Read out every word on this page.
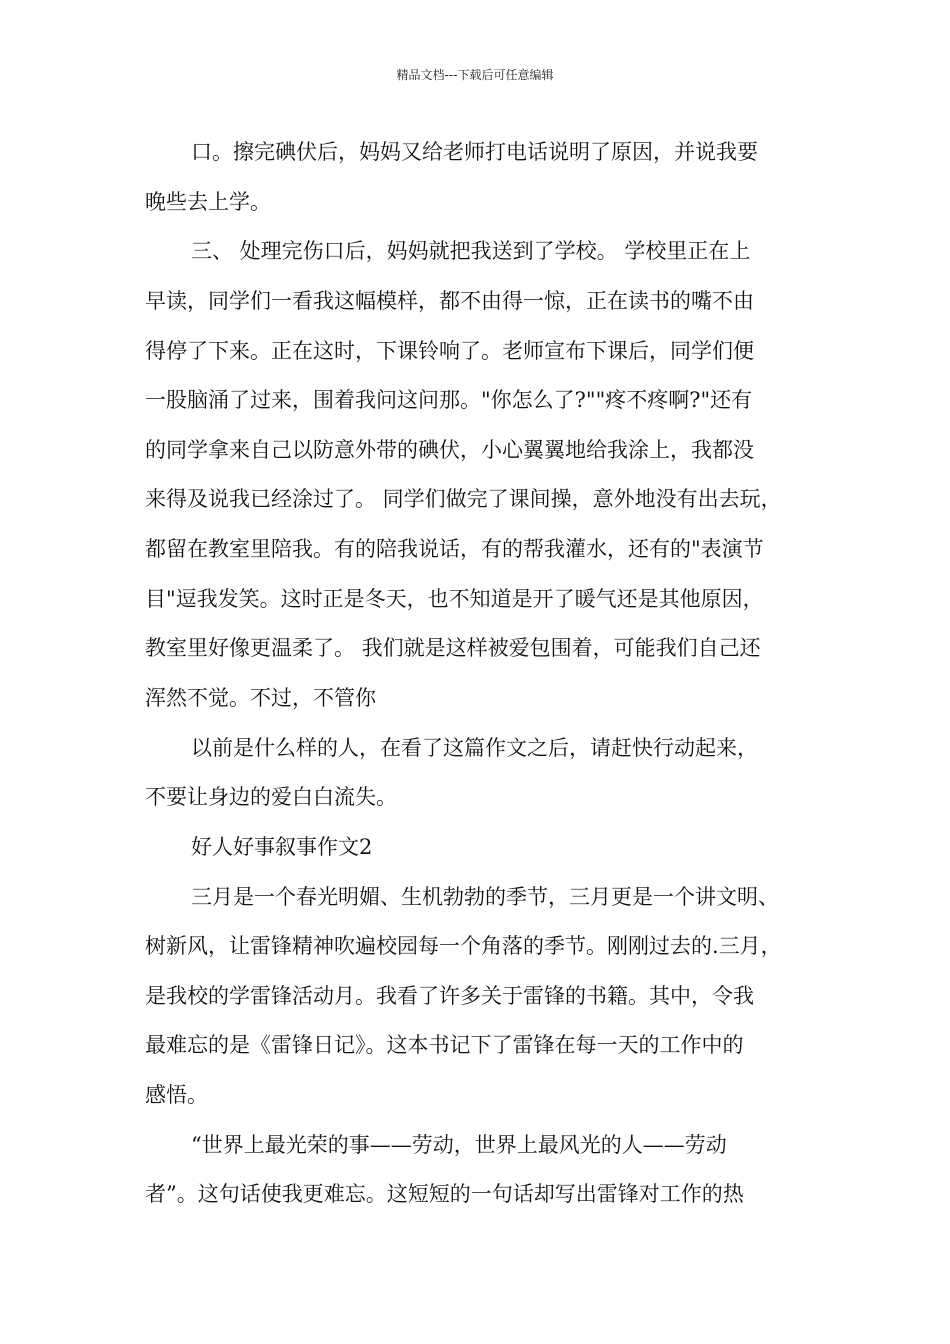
精品文档---下载后可任意编辑
口。擦完碘伏后，妈妈又给老师打电话说明了原因，并说我要
晚些去上学。
三、 处理完伤口后，妈妈就把我送到了学校。 学校里正在上
早读，同学们一看我这幅模样，都不由得一惊，正在读书的嘴不由
得停了下来。正在这时，下课铃响了。老师宣布下课后，同学们便
一股脑涌了过来，围着我问这问那。"你怎么了?""疼不疼啊?"还有
的同学拿来自己以防意外带的碘伏，小心翼翼地给我涂上，我都没
来得及说我已经涂过了。 同学们做完了课间操，意外地没有出去玩，
都留在教室里陪我。有的陪我说话，有的帮我灌水，还有的"表演节
目"逗我发笑。这时正是冬天，也不知道是开了暖气还是其他原因，
教室里好像更温柔了。 我们就是这样被爱包围着，可能我们自己还
浑然不觉。不过，不管你
以前是什么样的人，在看了这篇作文之后，请赶快行动起来，
不要让身边的爱白白流失。
好人好事叙事作文2
三月是一个春光明媚、生机勃勃的季节，三月更是一个讲文明、
树新风，让雷锋精神吹遍校园每一个角落的季节。刚刚过去的.三月，
是我校的学雷锋活动月。我看了许多关于雷锋的书籍。其中，令我
最难忘的是《雷锋日记》。这本书记下了雷锋在每一天的工作中的
感悟。
“世界上最光荣的事——劳动，世界上最风光的人——劳动
者”。这句话使我更难忘。这短短的一句话却写出雷锋对工作的热
